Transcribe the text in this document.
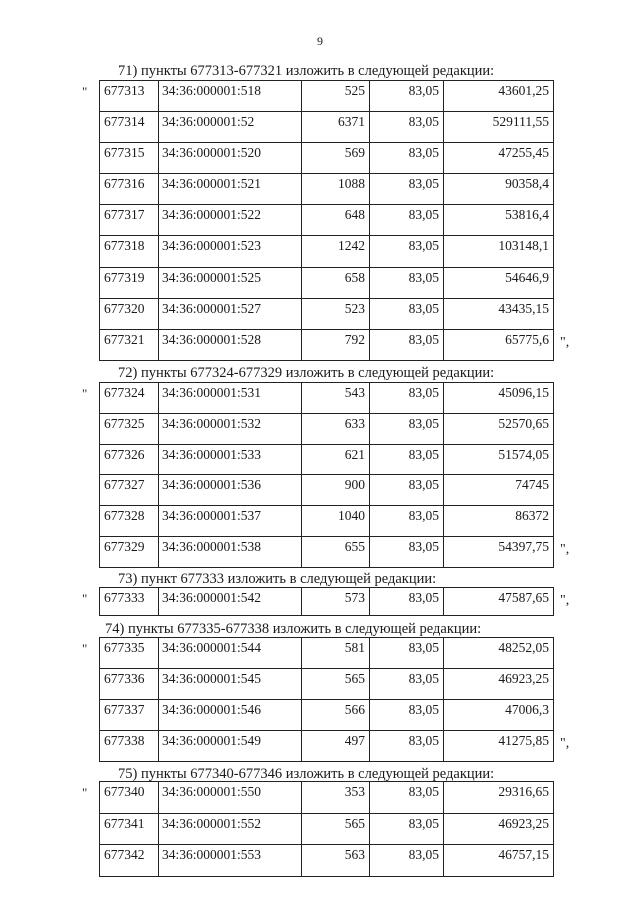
9
71) пункты 677313-677321 изложить в следующей редакции:
" 677313	34:36:000001:518	525	83,05	43601,25
677314	34:36:000001:52	6371	83,05	529111,55
677315	34:36:000001:520	569	83,05	47255,45
677316	34:36:000001:521	1088	83,05	90358,4
677317	34:36:000001:522	648	83,05	53816,4
677318	34:36:000001:523	1242	83,05	103148,1
677319	34:36:000001:525	658	83,05	54646,9
677320	34:36:000001:527	523	83,05	43435,15
677321	34:36:000001:528	792	83,05	65775,6 ",
72) пункты 677324-677329 изложить в следующей редакции:
" 677324	34:36:000001:531	543	83,05	45096,15
677325	34:36:000001:532	633	83,05	52570,65
677326	34:36:000001:533	621	83,05	51574,05
677327	34:36:000001:536	900	83,05	74745
677328	34:36:000001:537	1040	83,05	86372
677329	34:36:000001:538	655	83,05	54397,75 ",
73) пункт 677333 изложить в следующей редакции:
" 677333	34:36:000001:542	573	83,05	47587,65 ",
74) пункты 677335-677338 изложить в следующей редакции:
" 677335	34:36:000001:544	581	83,05	48252,05
677336	34:36:000001:545	565	83,05	46923,25
677337	34:36:000001:546	566	83,05	47006,3
677338	34:36:000001:549	497	83,05	41275,85 ",
75) пункты 677340-677346 изложить в следующей редакции:
" 677340	34:36:000001:550	353	83,05	29316,65
677341	34:36:000001:552	565	83,05	46923,25
677342	34:36:000001:553	563	83,05	46757,15
